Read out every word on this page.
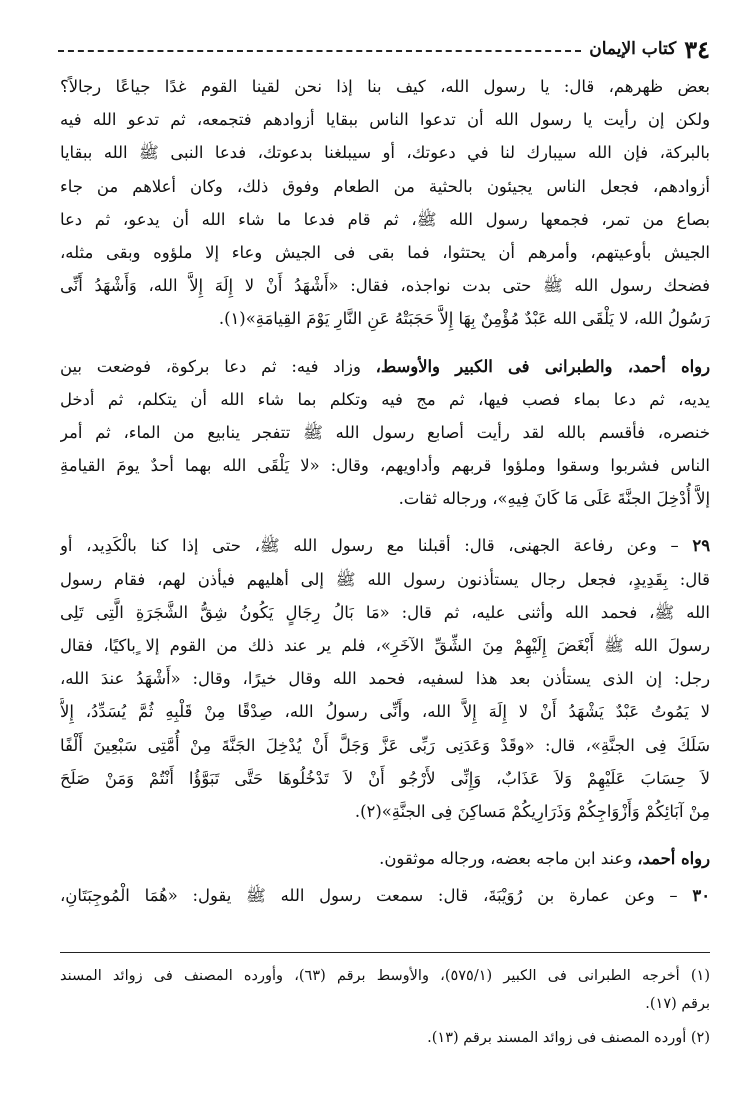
٣٤
كتاب الإيمان
بعض ظهرهم، قال: يا رسول الله، كيف بنا إذا نحن لقينا القوم غدًا جياعًا رجالاً؟
ولكن إن رأيت يا رسول الله أن تدعوا الناس ببقايا أزوادهم فتجمعه، ثم تدعو الله فيه
بالبركة، فإن الله سيبارك لنا في دعوتك، أو سيبلغنا بدعوتك، فدعا النبى ﷺ الله ببقايا
أزوادهم، فجعل الناس يجيئون بالحثية من الطعام وفوق ذلك، وكان أعلاهم من جاء
بصاع من تمر، فجمعها رسول الله ﷺ، ثم قام فدعا ما شاء الله أن يدعو، ثم دعا
الجيش بأوعيتهم، وأمرهم أن يحتثوا، فما بقى فى الجيش وعاء إلا ملؤوه وبقى مثله،
فضحك رسول الله ﷺ حتى بدت نواجذه، فقال: «أَشْهَدُ أَنْ لا إِلَهَ إِلاَّ الله، وَأَشْهَدُ أَنِّى
رَسُولُ الله، لا يَلْقَى الله عَبْدٌ مُؤْمِنٌ بِهَا إِلاَّ حَجَبَتْهُ عَنِ النَّارِ يَوْمَ القِيامَةِ»(١).
رواه أحمد، والطبرانى فى الكبير والأوسط، وزاد فيه: ثم دعا بركوة، فوضعت بين
يديه، ثم دعا بماء فصب فيها، ثم مج فيه وتكلم بما شاء الله أن يتكلم، ثم أدخل
خنصره، فأقسم بالله لقد رأيت أصابع رسول الله ﷺ تتفجر ينابيع من الماء، ثم أمر
الناس فشربوا وسقوا وملؤوا قربهم وأداويهم، وقال: «لا يَلْقَى الله بهما أحدٌ يومَ القيامةِ
إلاَّ أُدْخِلَ الجنَّةَ عَلَى مَا كَانَ فِيهِ»، ورجاله ثقات.
٢٩ – وعن رفاعة الجهنى، قال: أقبلنا مع رسول الله ﷺ، حتى إذا كنا بالْكَدِيد، أو
قال: بِقَدِيدٍ، فجعل رجال يستأذنون رسول الله ﷺ إلى أهليهم فيأذن لهم، فقام رسول
الله ﷺ، فحمد الله وأثنى عليه، ثم قال: «مَا بَالُ رِجَالٍ يَكُونُ شِقُّ الشَّجَرَةِ الَّتِى تَلِى
رسولَ الله ﷺ أَبْغَضَ إِلَيْهِمْ مِنَ الشِّقِّ الآخَرِ»، فلم ير عند ذلك من القوم إلا ٍباكيًا، فقال
رجل: إن الذى يستأذن بعد هذا لسفيه، فحمد الله وقال خيرًا، وقال: «أَشْهَدُ عندَ الله،
لا يَمُوتُ عَبْدٌ يَشْهَدُ أَنْ لا إِلَهَ إِلاَّ الله، وأَنِّى رسولُ الله، صِدْقًا مِنْ قَلْبِهِ ثُمَّ يُسَدِّدُ، إِلاَّ
سَلَكَ فِى الجنَّةِ»، قال: «وقَدْ وَعَدَنِى رَبِّى عَزَّ وَجَلَّ أَنْ يُدْخِلَ الجَنَّةَ مِنْ أُمَّتِى سَبْعِينَ أَلْفًا
لاَ حِسَابَ عَلَيْهِمْ وَلاَ عَذَابٌ، وَإِنِّى لأَرْجُو أَنْ لاَ تَدْخُلُوهَا حَتَّى تَبَوَّؤُا أَنْتُمْ وَمَنْ صَلَحَ
مِنْ آبَائِكُمْ وَأَزْوَاجِكُمْ وَذَرَارِيكُمْ مَساكِنَ فِى الجنَّةِ»(٢).
رواه أحمد، وعند ابن ماجه بعضه، ورجاله موثقون.
٣٠ – وعن عمارة بن رُوَيْبَةَ، قال: سمعت رسول الله ﷺ يقول: «هُمَا الْمُوجِبَتَانِ،
(١) أخرجه الطبرانى فى الكبير (٥٧٥/١)، والأوسط برقم (٦٣)، وأورده المصنف فى زوائد المسند
برقم (١٧).
(٢) أورده المصنف فى زوائد المسند برقم (١٣).
